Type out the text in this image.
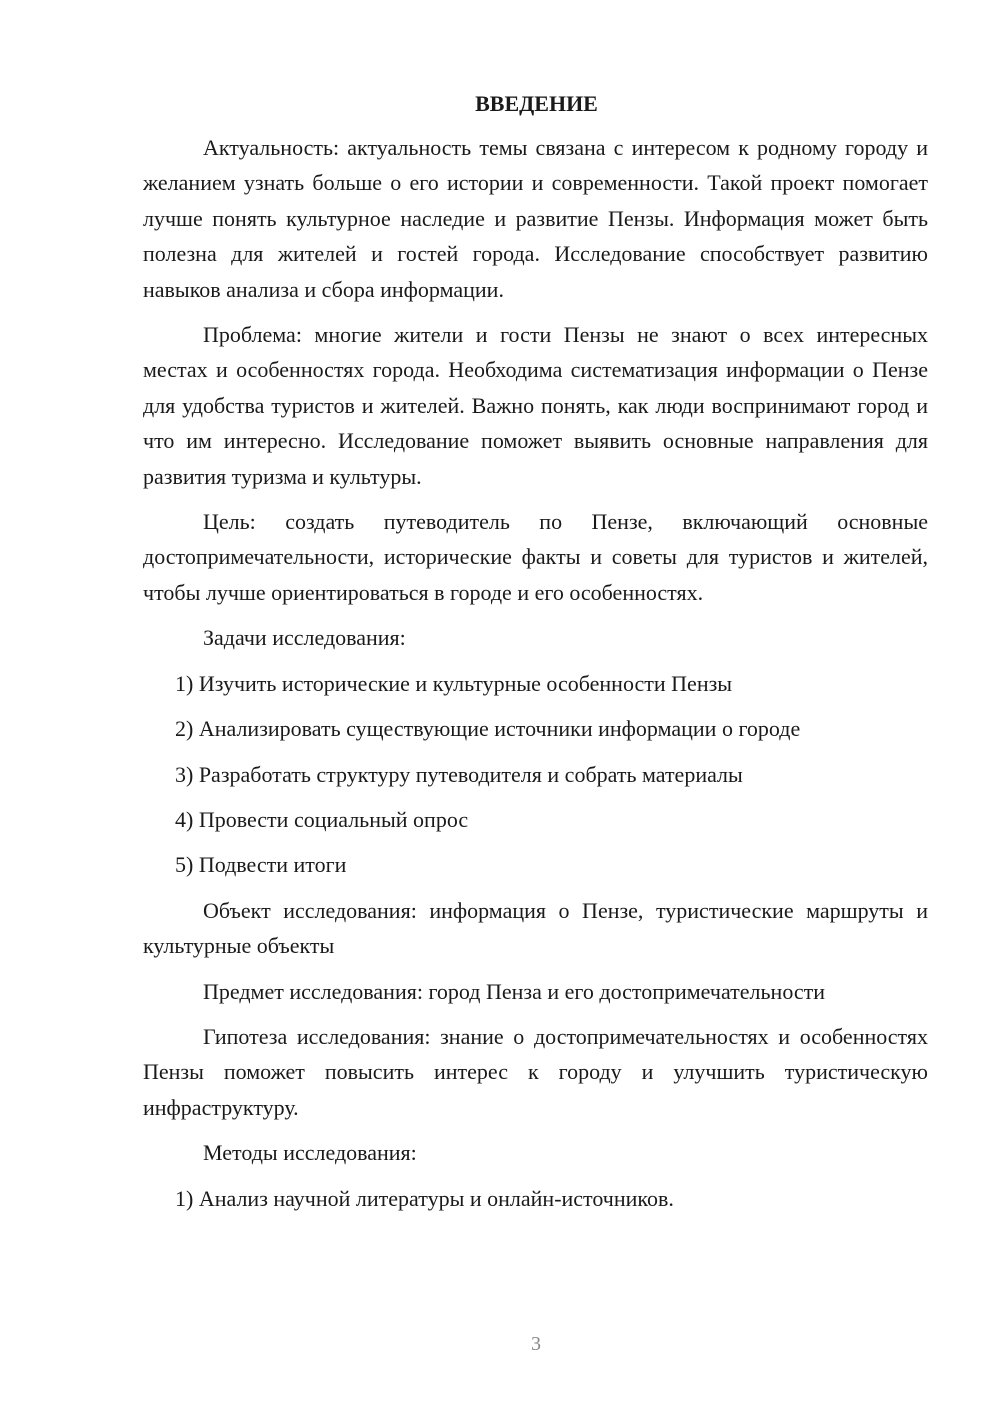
ВВЕДЕНИЕ

Актуальность: актуальность темы связана с интересом к родному городу и желанием узнать больше о его истории и современности. Такой проект помогает лучше понять культурное наследие и развитие Пензы. Информация может быть полезна для жителей и гостей города. Исследование способствует развитию навыков анализа и сбора информации.

Проблема: многие жители и гости Пензы не знают о всех интересных местах и особенностях города. Необходима систематизация информации о Пензе для удобства туристов и жителей. Важно понять, как люди воспринимают город и что им интересно. Исследование поможет выявить основные направления для развития туризма и культуры.

Цель: создать путеводитель по Пензе, включающий основные достопримечательности, исторические факты и советы для туристов и жителей, чтобы лучше ориентироваться в городе и его особенностях.

Задачи исследования:

1) Изучить исторические и культурные особенности Пензы
2) Анализировать существующие источники информации о городе
3) Разработать структуру путеводителя и собрать материалы
4) Провести социальный опрос
5) Подвести итоги

Объект исследования: информация о Пензе, туристические маршруты и культурные объекты

Предмет исследования: город Пенза и его достопримечательности

Гипотеза исследования: знание о достопримечательностях и особенностях Пензы поможет повысить интерес к городу и улучшить туристическую инфраструктуру.

Методы исследования:

1) Анализ научной литературы и онлайн-источников.
3
